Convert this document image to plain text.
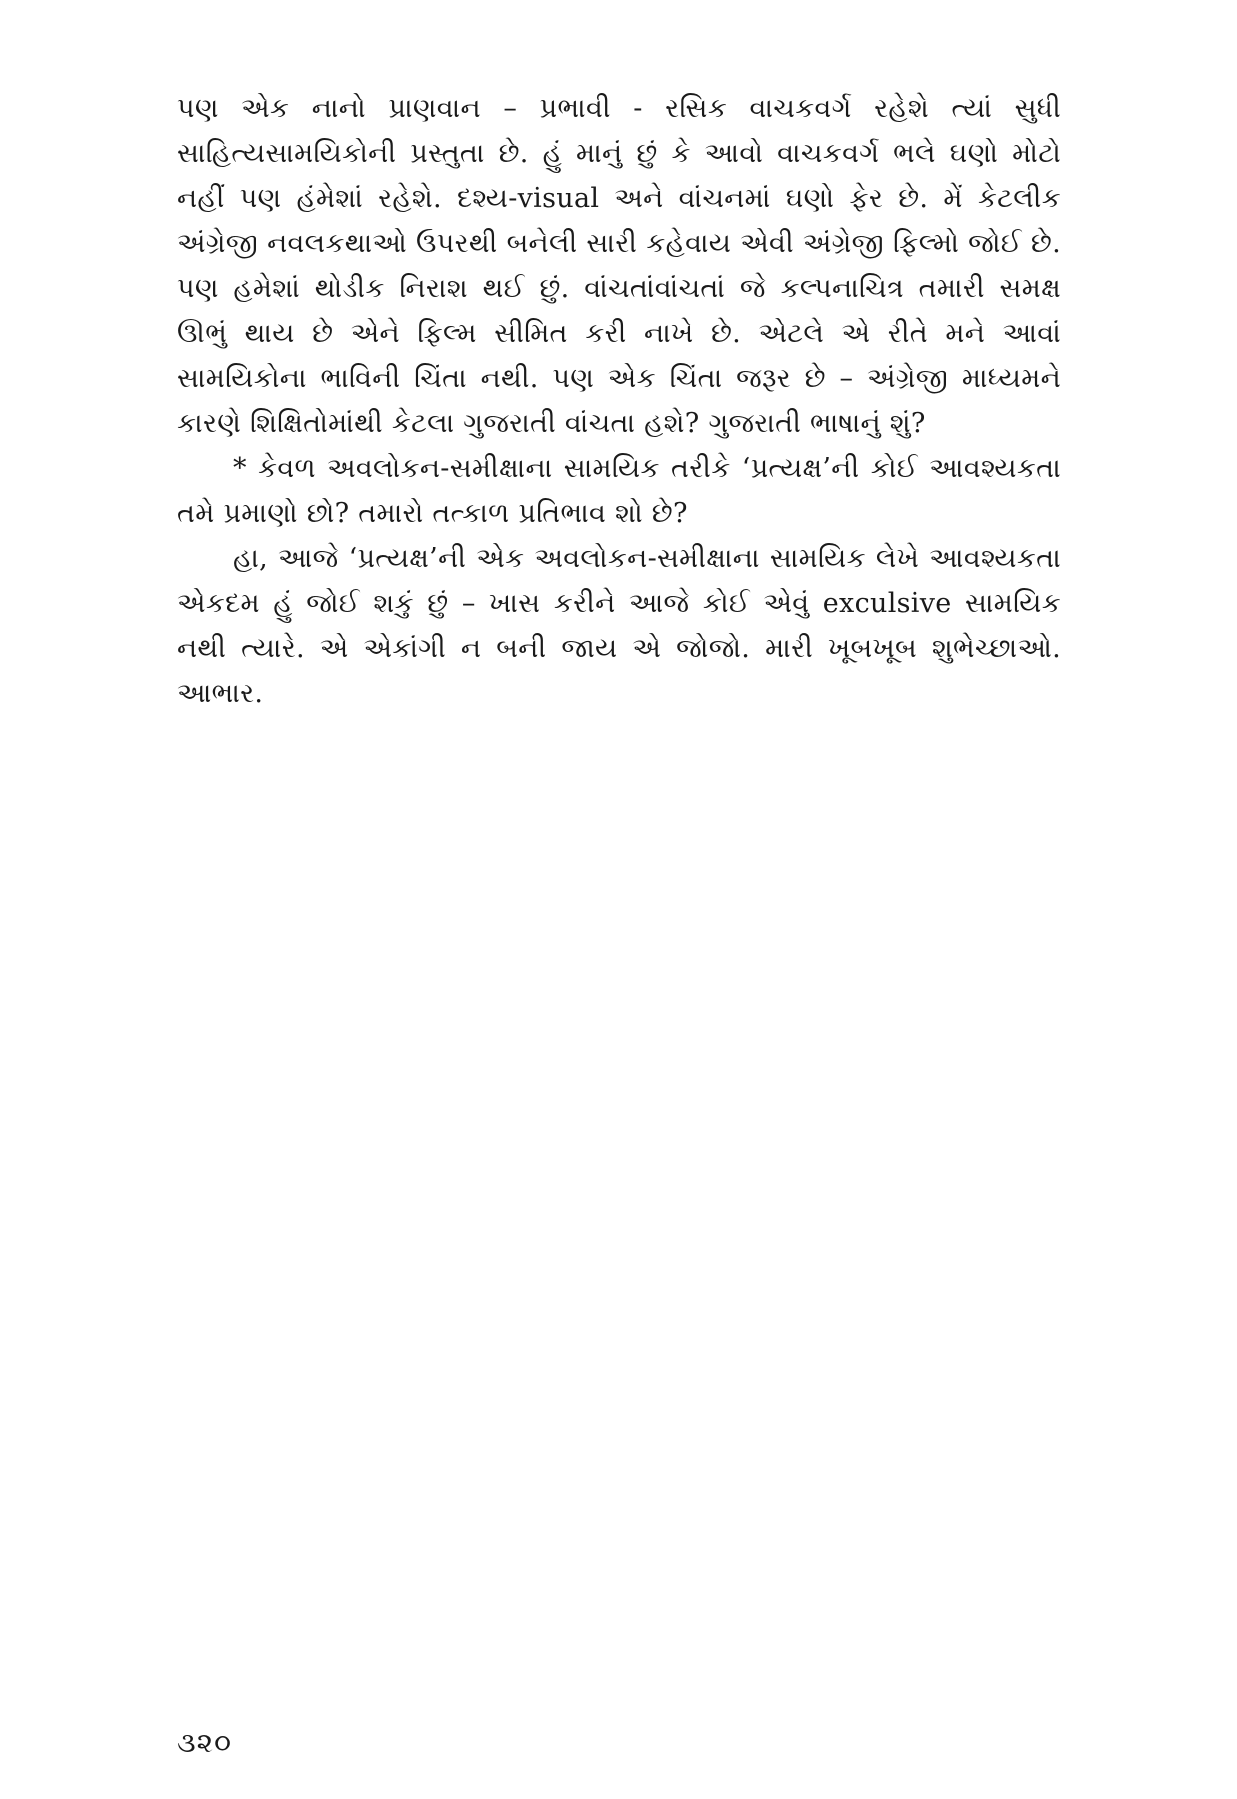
પણ એક નાનો પ્રાણવાન – પ્રભાવી - રસિક વાચકવર્ગ રહેશે ત્યાં સુધી સાહિત્યસામયિકોની પ્રસ્તુતા છે. હું માનું છું કે આવો વાચકવર્ગ ભલે ઘણો મોટો નહીં પણ હંમેશાં રહેશે. દશ્ય-visual અને વાંચનમાં ઘણો ફેર છે. મેં કેટલીક અંગ્રેજી નવલકથાઓ ઉપરથી બનેલી સારી કહેવાય એવી અંગ્રેજી ફિલ્મો જોઈ છે. પણ હમેશાં થોડીક નિરાશ થઈ છું. વાંચતાંવાંચતાં જે કલ્પનાચિત્ર તમારી સમક્ષ ઊભું થાય છે એને ફિલ્મ સીમિત કરી નાખે છે. એટલે એ રીતે મને આવાં સામયિકોના ભાવિની ચિંતા નથી. પણ એક ચિંતા જરૂર છે – અંગ્રેજી માધ્યમને કારણે શિક્ષિતોમાંથી કેટલા ગુજરાતી વાંચતા હશે? ગુજરાતી ભાષાનું શું?

* કેવળ અવલોકન-સમીક્ષાના સામયિક તરીકે ‘પ્રત્યક્ષ’ની કોઈ આવશ્યકતા તમે પ્રમાણો છો? તમારો તત્કાળ પ્રતિભાવ શો છે?

હા, આજે ‘પ્રત્યક્ષ’ની એક અવલોકન-સમીક્ષાના સામયિક લેખે આવશ્યકતા એકદમ હું જોઈ શકું છું – ખાસ કરીને આજે કોઈ એવું exculsive સામયિક નથી ત્યારે. એ એકાંગી ન બની જાય એ જોજો. મારી ખૂબખૂબ શુભેચ્છાઓ. આભાર.

૩૨૦
